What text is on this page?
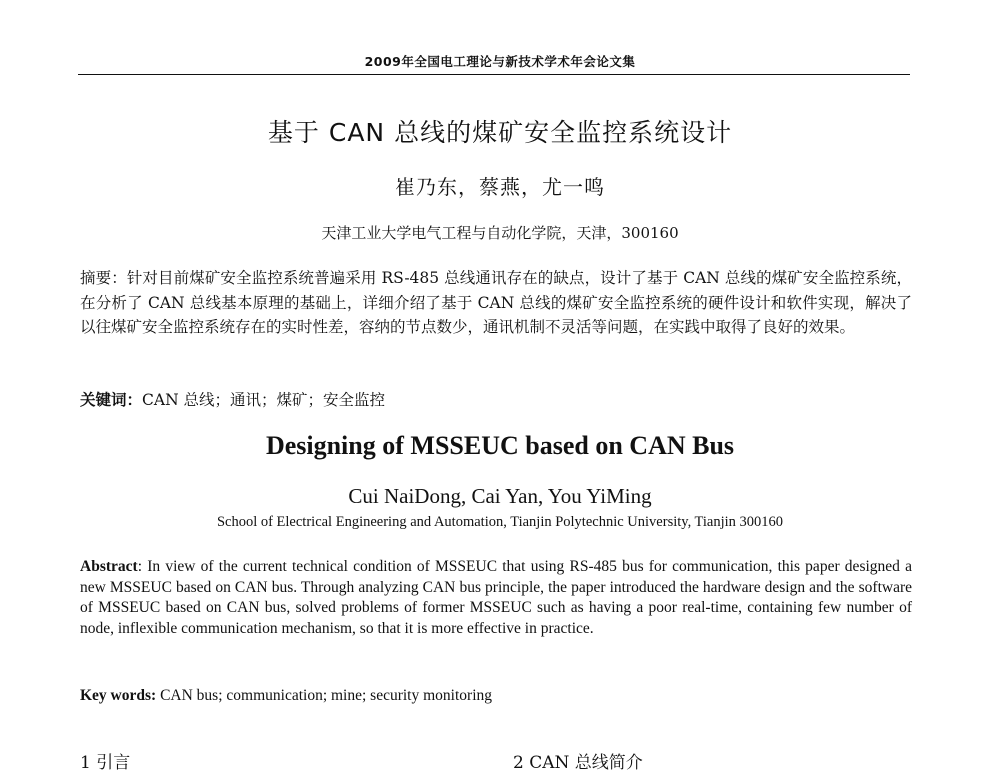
2009年全国电工理论与新技术学术年会论文集
基于 CAN 总线的煤矿安全监控系统设计
崔乃东，蔡燕，尤一鸣
天津工业大学电气工程与自动化学院，天津，300160
摘要：针对目前煤矿安全监控系统普遍采用 RS-485 总线通讯存在的缺点，设计了基于 CAN 总线的煤矿安全监控系统，在分析了 CAN 总线基本原理的基础上，详细介绍了基于 CAN 总线的煤矿安全监控系统的硬件设计和软件实现，解决了以往煤矿安全监控系统存在的实时性差，容纳的节点数少，通讯机制不灵活等问题，在实践中取得了良好的效果。
关键词：CAN 总线；通讯；煤矿；安全监控
Designing of MSSEUC based on CAN Bus
Cui NaiDong, Cai Yan, You YiMing
School of Electrical Engineering and Automation, Tianjin Polytechnic University, Tianjin 300160
Abstract: In view of the current technical condition of MSSEUC that using RS-485 bus for communication, this paper designed a new MSSEUC based on CAN bus. Through analyzing CAN bus principle, the paper introduced the hardware design and the software of MSSEUC based on CAN bus, solved problems of former MSSEUC such as having a poor real-time, containing few number of node, inflexible communication mechanism, so that it is more effective in practice.
Key words: CAN bus; communication; mine; security monitoring
1 引言	2 CAN 总线简介
